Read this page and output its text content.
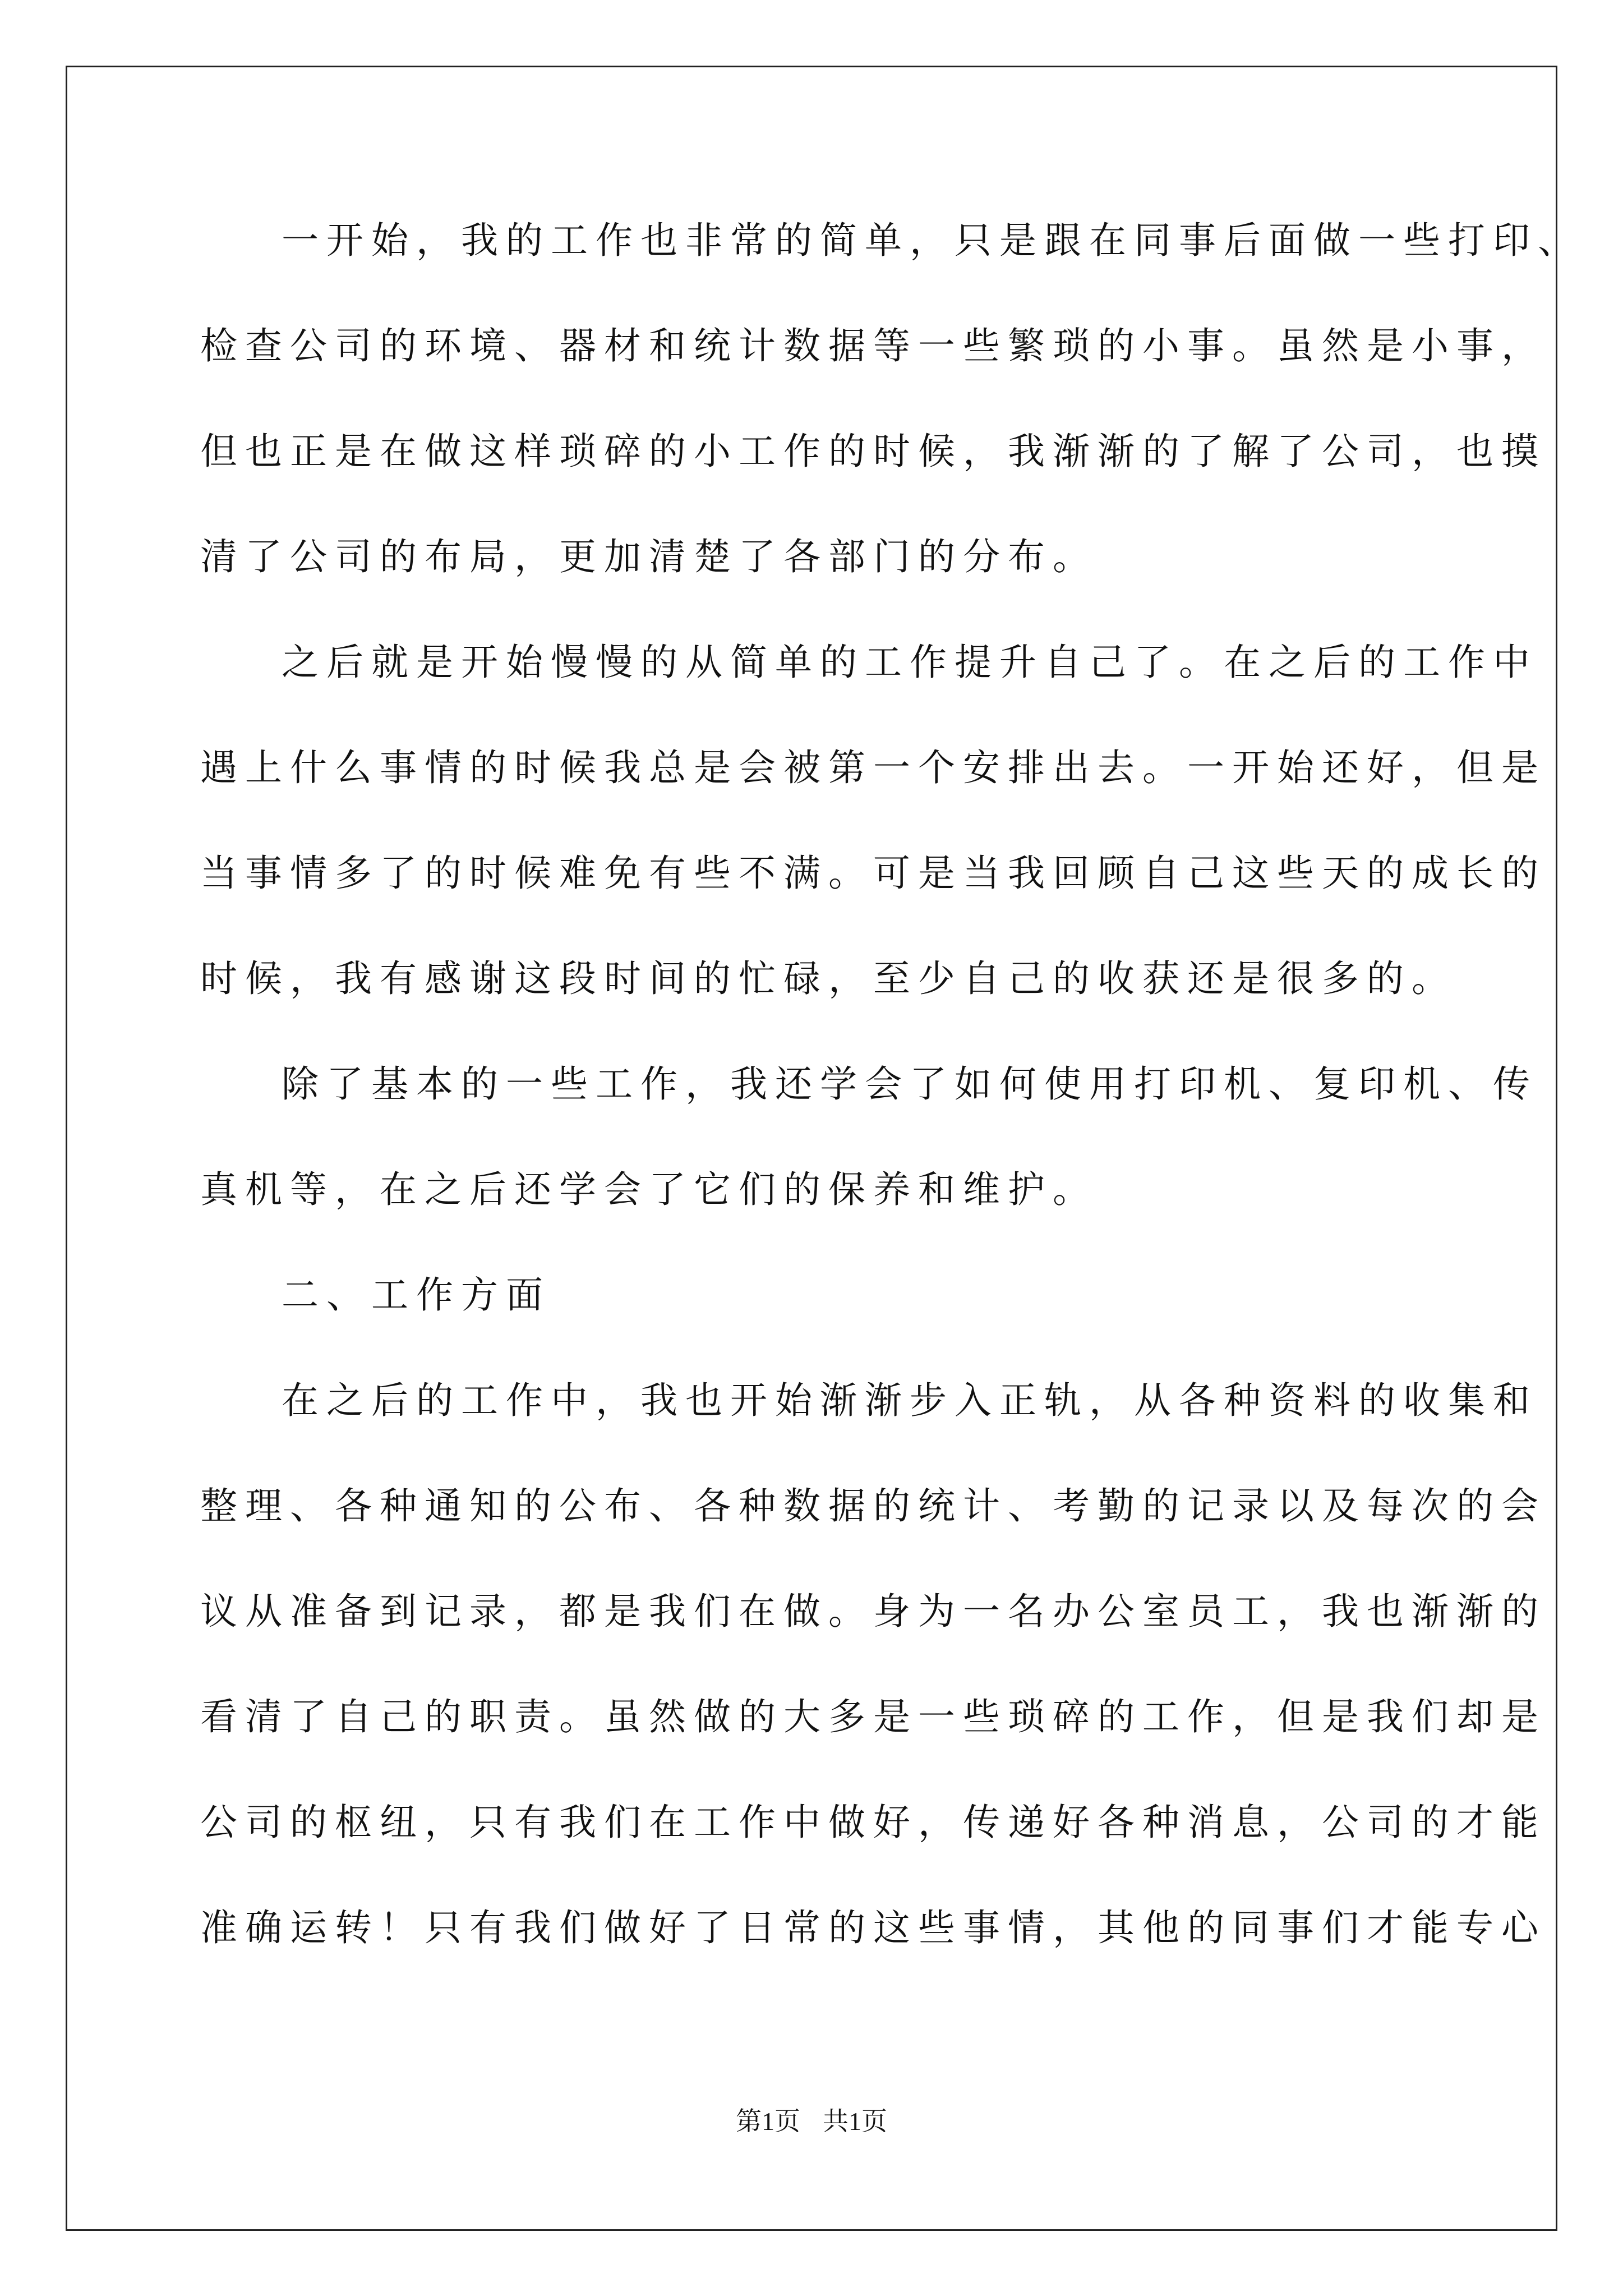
一开始，我的工作也非常的简单，只是跟在同事后面做一些打印、
检查公司的环境、器材和统计数据等一些繁琐的小事。虽然是小事，
但也正是在做这样琐碎的小工作的时候，我渐渐的了解了公司，也摸
清了公司的布局，更加清楚了各部门的分布。
之后就是开始慢慢的从简单的工作提升自己了。在之后的工作中
遇上什么事情的时候我总是会被第一个安排出去。一开始还好，但是
当事情多了的时候难免有些不满。可是当我回顾自己这些天的成长的
时候，我有感谢这段时间的忙碌，至少自己的收获还是很多的。
除了基本的一些工作，我还学会了如何使用打印机、复印机、传
真机等，在之后还学会了它们的保养和维护。
二、工作方面
在之后的工作中，我也开始渐渐步入正轨，从各种资料的收集和
整理、各种通知的公布、各种数据的统计、考勤的记录以及每次的会
议从准备到记录，都是我们在做。身为一名办公室员工，我也渐渐的
看清了自己的职责。虽然做的大多是一些琐碎的工作，但是我们却是
公司的枢纽，只有我们在工作中做好，传递好各种消息，公司的才能
准确运转！只有我们做好了日常的这些事情，其他的同事们才能专心
第1页 共1页
